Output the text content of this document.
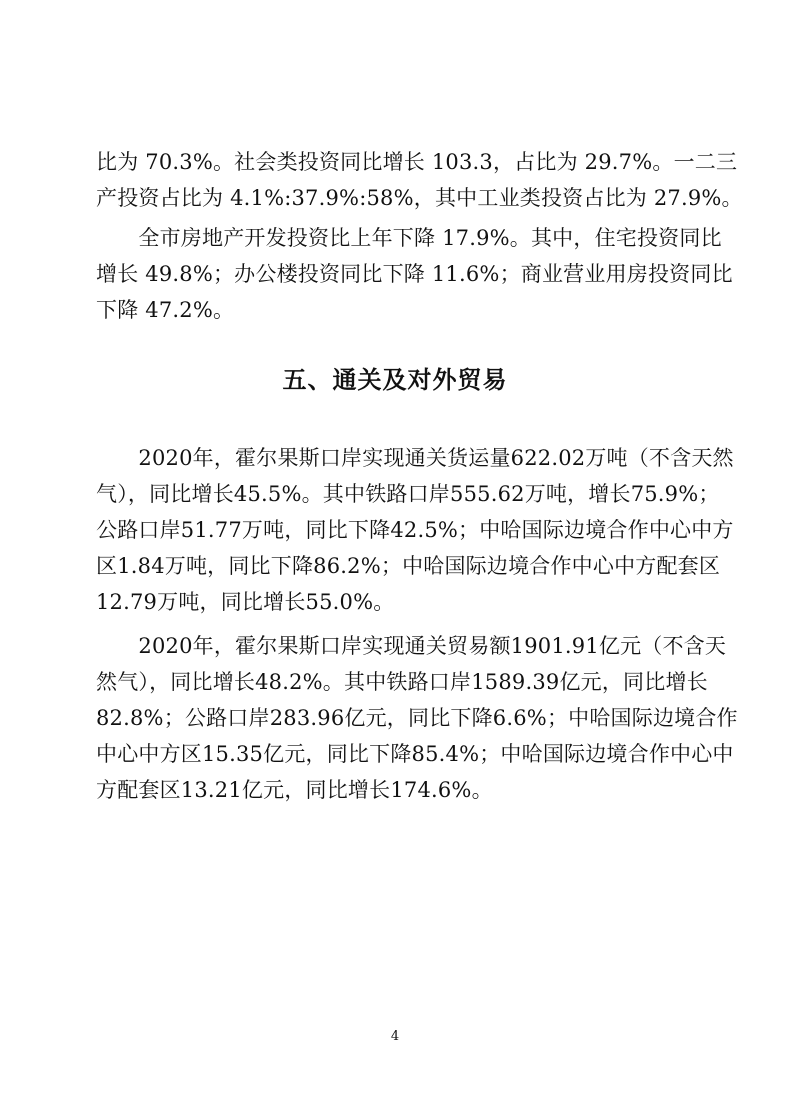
比为 70.3%。社会类投资同比增长 103.3，占比为 29.7%。一二三
产投资占比为 4.1%:37.9%:58%，其中工业类投资占比为 27.9%。

　　全市房地产开发投资比上年下降 17.9%。其中，住宅投资同比
增长 49.8%；办公楼投资同比下降 11.6%；商业营业用房投资同比
下降 47.2%。

五、通关及对外贸易

　　2020年，霍尔果斯口岸实现通关货运量622.02万吨（不含天然
气），同比增长45.5%。其中铁路口岸555.62万吨，增长75.9%；
公路口岸51.77万吨，同比下降42.5%；中哈国际边境合作中心中方
区1.84万吨，同比下降86.2%；中哈国际边境合作中心中方配套区
12.79万吨，同比增长55.0%。

　　2020年，霍尔果斯口岸实现通关贸易额1901.91亿元（不含天
然气），同比增长48.2%。其中铁路口岸1589.39亿元，同比增长
82.8%；公路口岸283.96亿元，同比下降6.6%；中哈国际边境合作
中心中方区15.35亿元，同比下降85.4%；中哈国际边境合作中心中
方配套区13.21亿元，同比增长174.6%。

4
